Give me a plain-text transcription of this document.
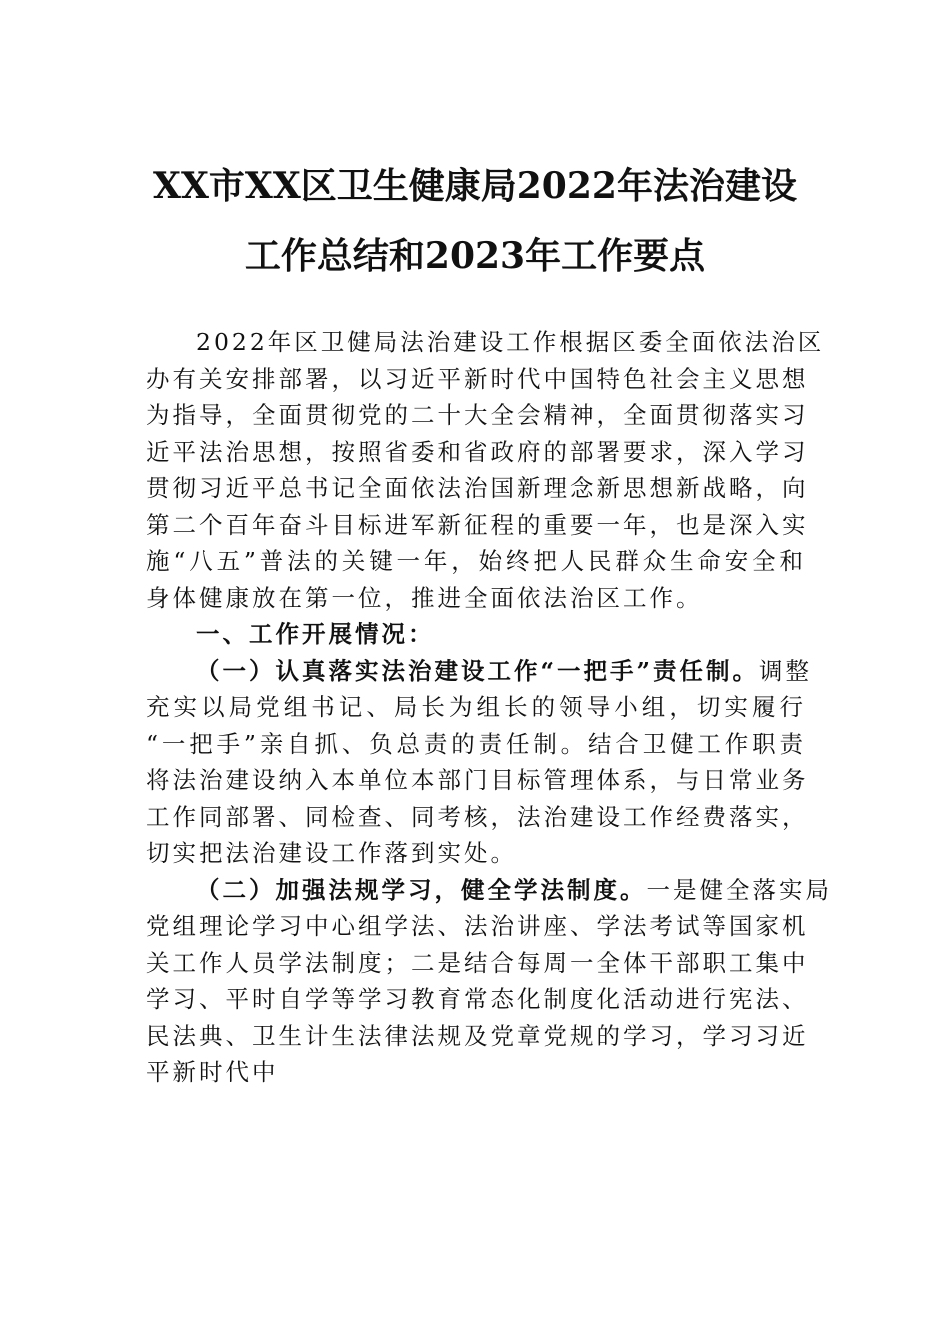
XX市XX区卫生健康局2022年法治建设
工作总结和2023年工作要点
2022年区卫健局法治建设工作根据区委全面依法治区
办有关安排部署，以习近平新时代中国特色社会主义思想
为指导，全面贯彻党的二十大全会精神，全面贯彻落实习
近平法治思想，按照省委和省政府的部署要求，深入学习
贯彻习近平总书记全面依法治国新理念新思想新战略，向
第二个百年奋斗目标进军新征程的重要一年，也是深入实
施“八五”普法的关键一年，始终把人民群众生命安全和
身体健康放在第一位，推进全面依法治区工作。
一、工作开展情况：
（一）认真落实法治建设工作“一把手”责任制。调整
充实以局党组书记、局长为组长的领导小组，切实履行
“一把手”亲自抓、负总责的责任制。结合卫健工作职责
将法治建设纳入本单位本部门目标管理体系，与日常业务
工作同部署、同检查、同考核，法治建设工作经费落实，
切实把法治建设工作落到实处。
（二）加强法规学习，健全学法制度。一是健全落实局
党组理论学习中心组学法、法治讲座、学法考试等国家机
关工作人员学法制度；二是结合每周一全体干部职工集中
学习、平时自学等学习教育常态化制度化活动进行宪法、
民法典、卫生计生法律法规及党章党规的学习，学习习近
平新时代中
